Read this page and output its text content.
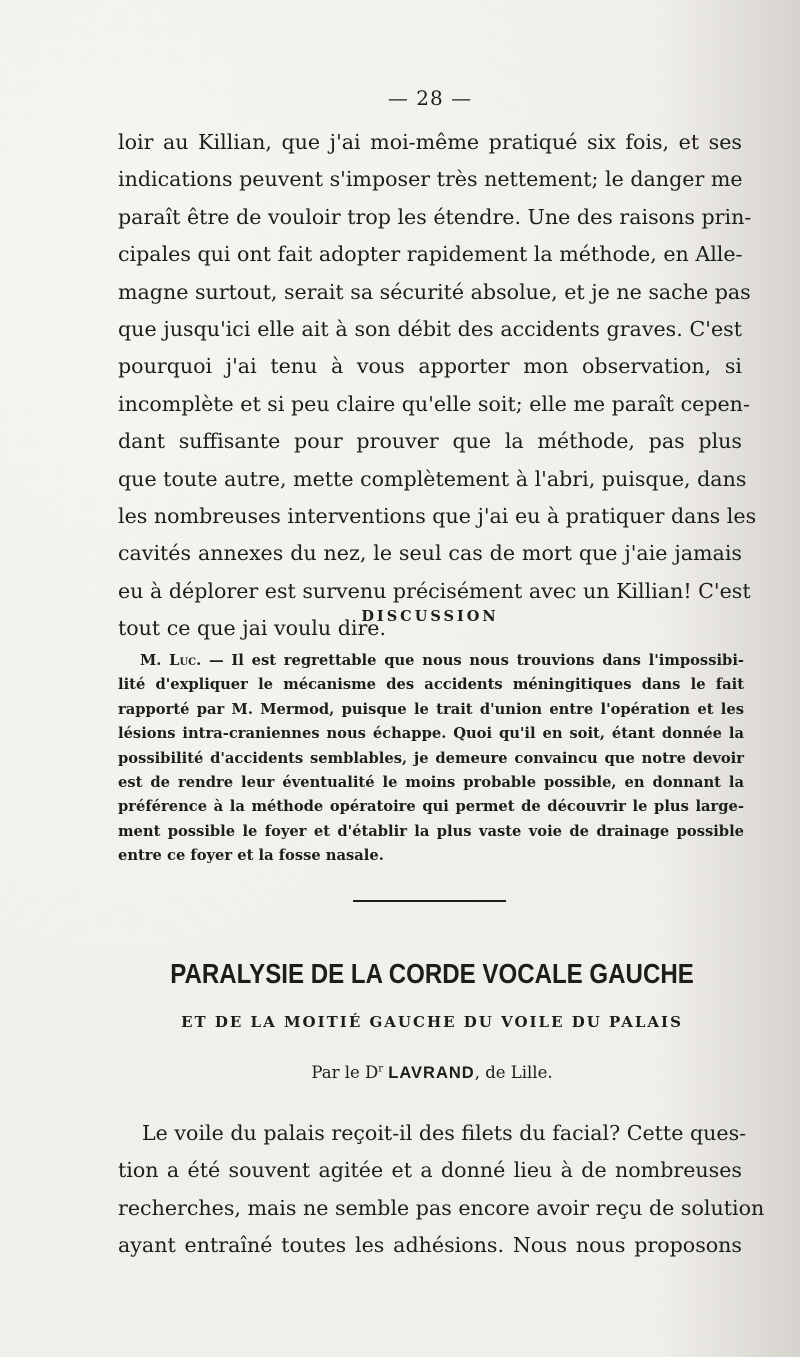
— 28 —
loir au Killian, que j'ai moi-même pratiqué six fois, et ses
indications peuvent s'imposer très nettement; le danger me
paraît être de vouloir trop les étendre. Une des raisons prin-
cipales qui ont fait adopter rapidement la méthode, en Alle-
magne surtout, serait sa sécurité absolue, et je ne sache pas
que jusqu'ici elle ait à son débit des accidents graves. C'est
pourquoi j'ai tenu à vous apporter mon observation, si
incomplète et si peu claire qu'elle soit; elle me paraît cepen-
dant suffisante pour prouver que la méthode, pas plus
que toute autre, mette complètement à l'abri, puisque, dans
les nombreuses interventions que j'ai eu à pratiquer dans les
cavités annexes du nez, le seul cas de mort que j'aie jamais
eu à déplorer est survenu précisément avec un Killian! C'est
tout ce que jai voulu dire.
DISCUSSION
M. Luc. — Il est regrettable que nous nous trouvions dans l'impossibi-
lité d'expliquer le mécanisme des accidents méningitiques dans le fait
rapporté par M. Mermod, puisque le trait d'union entre l'opération et les
lésions intra-craniennes nous échappe. Quoi qu'il en soit, étant donnée la
possibilité d'accidents semblables, je demeure convaincu que notre devoir
est de rendre leur éventualité le moins probable possible, en donnant la
préférence à la méthode opératoire qui permet de découvrir le plus large-
ment possible le foyer et d'établir la plus vaste voie de drainage possible
entre ce foyer et la fosse nasale.
PARALYSIE DE LA CORDE VOCALE GAUCHE
ET DE LA MOITIÉ GAUCHE DU VOILE DU PALAIS
Par le $D^r$ LAVRAND, de Lille.
Le voile du palais reçoit-il des filets du facial? Cette ques-
tion a été souvent agitée et a donné lieu à de nombreuses
recherches, mais ne semble pas encore avoir reçu de solution
ayant entraîné toutes les adhésions. Nous nous proposons
